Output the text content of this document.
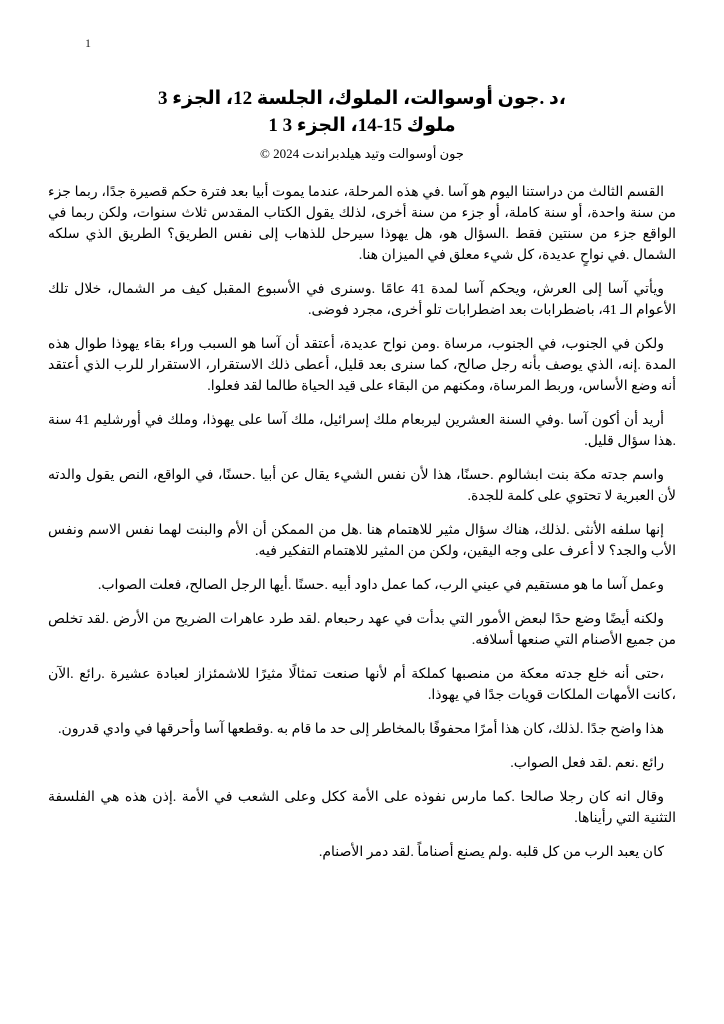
1
،د .جون أوسوالت، الملوك، الجلسة 12، الجزء 3
ملوك ‎14-15‎، الجزء 3 1
جون أوسوالت وتيد هيلدبراندت 2024 ©

القسم الثالث من دراستنا اليوم هو آسا .في هذه المرحلة، عندما يموت أبيا بعد فترة حكم قصيرة جدًا، ربما جزء من سنة واحدة، أو سنة كاملة، أو جزء من سنة أخرى، لذلك يقول الكتاب المقدس ثلاث سنوات، ولكن ربما في الواقع جزء من سنتين فقط .السؤال هو، هل يهوذا سيرحل للذهاب إلى نفس الطريق؟ الطريق الذي سلكه الشمال .في نواحٍ عديدة، كل شيء معلق في الميزان هنا.

ويأتي آسا إلى العرش، ويحكم آسا لمدة 41 عامًا .وسنرى في الأسبوع المقبل كيف مر الشمال، خلال تلك الأعوام الـ 41، باضطرابات بعد اضطرابات تلو أخرى، مجرد فوضى.

ولكن في الجنوب، في الجنوب، مرساة .ومن نواح عديدة، أعتقد أن آسا هو السبب وراء بقاء يهوذا طوال هذه المدة .إنه، الذي يوصف بأنه رجل صالح، كما سنرى بعد قليل، أعطى ذلك الاستقرار، الاستقرار للرب الذي أعتقد أنه وضع الأساس، وربط المرساة، ومكنهم من البقاء على قيد الحياة طالما لقد فعلوا.

أريد أن أكون آسا .وفي السنة العشرين ليربعام ملك إسرائيل، ملك آسا على يهوذا، وملك في أورشليم 41 سنة .هذا سؤال قليل.

واسم جدته مكة بنت ابشالوم .حسنًا، هذا لأن نفس الشيء يقال عن أبيا .حسنًا، في الواقع، النص يقول والدته لأن العبرية لا تحتوي على كلمة للجدة.

إنها سلفه الأنثى .لذلك، هناك سؤال مثير للاهتمام هنا .هل من الممكن أن الأم والبنت لهما نفس الاسم ونفس الأب والجد؟ لا أعرف على وجه اليقين، ولكن من المثير للاهتمام التفكير فيه.

وعمل آسا ما هو مستقيم في عيني الرب، كما عمل داود أبيه .حسنًا .أيها الرجل الصالح، فعلت الصواب.

ولكنه أيضًا وضع حدًا لبعض الأمور التي بدأت في عهد رحبعام .لقد طرد عاهرات الضريح من الأرض .لقد تخلص من جميع الأصنام التي صنعها أسلافه.

،حتى أنه خلع جدته معكة من منصبها كملكة أم لأنها صنعت تمثالًا مثيرًا للاشمئزاز لعبادة عشيرة .رائع .الآن ،كانت الأمهات الملكات قويات جدًا في يهوذا.

هذا واضح جدًا .لذلك، كان هذا أمرًا محفوفًا بالمخاطر إلى حد ما قام به .وقطعها آسا وأحرقها في وادي قدرون.

رائع .نعم .لقد فعل الصواب.

وقال انه كان رجلا صالحا .كما مارس نفوذه على الأمة ككل وعلى الشعب في الأمة .إذن هذه هي الفلسفة التثنية التي رأيناها.

كان يعبد الرب من كل قلبه .ولم يصنع أصناماً .لقد دمر الأصنام.
